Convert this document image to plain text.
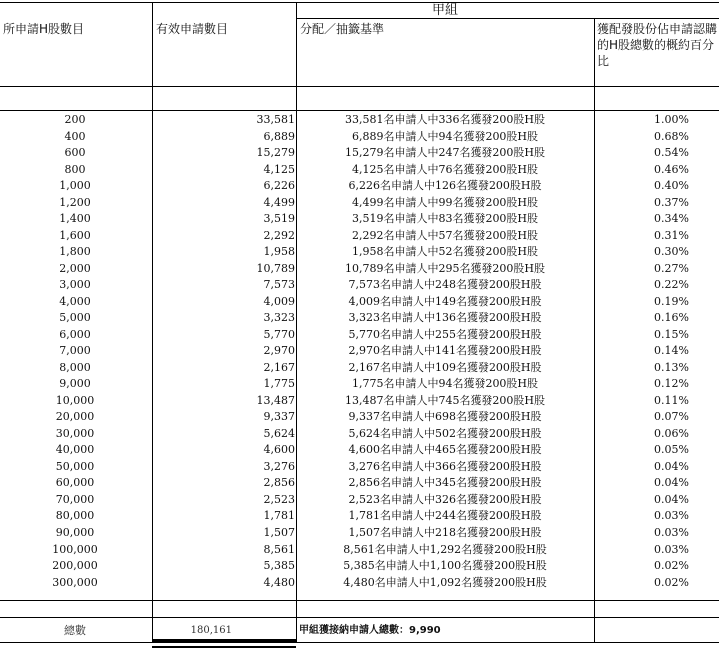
甲組
所申請H股數目	有效申請數目	分配／抽籤基準	獲配發股份佔申請認購的H股總數的概約百分比
200	33,581	33,581名申請人中336名獲發200股H股	1.00%
400	6,889	6,889名申請人中94名獲發200股H股	0.68%
600	15,279	15,279名申請人中247名獲發200股H股	0.54%
800	4,125	4,125名申請人中76名獲發200股H股	0.46%
1,000	6,226	6,226名申請人中126名獲發200股H股	0.40%
1,200	4,499	4,499名申請人中99名獲發200股H股	0.37%
1,400	3,519	3,519名申請人中83名獲發200股H股	0.34%
1,600	2,292	2,292名申請人中57名獲發200股H股	0.31%
1,800	1,958	1,958名申請人中52名獲發200股H股	0.30%
2,000	10,789	10,789名申請人中295名獲發200股H股	0.27%
3,000	7,573	7,573名申請人中248名獲發200股H股	0.22%
4,000	4,009	4,009名申請人中149名獲發200股H股	0.19%
5,000	3,323	3,323名申請人中136名獲發200股H股	0.16%
6,000	5,770	5,770名申請人中255名獲發200股H股	0.15%
7,000	2,970	2,970名申請人中141名獲發200股H股	0.14%
8,000	2,167	2,167名申請人中109名獲發200股H股	0.13%
9,000	1,775	1,775名申請人中94名獲發200股H股	0.12%
10,000	13,487	13,487名申請人中745名獲發200股H股	0.11%
20,000	9,337	9,337名申請人中698名獲發200股H股	0.07%
30,000	5,624	5,624名申請人中502名獲發200股H股	0.06%
40,000	4,600	4,600名申請人中465名獲發200股H股	0.05%
50,000	3,276	3,276名申請人中366名獲發200股H股	0.04%
60,000	2,856	2,856名申請人中345名獲發200股H股	0.04%
70,000	2,523	2,523名申請人中326名獲發200股H股	0.04%
80,000	1,781	1,781名申請人中244名獲發200股H股	0.03%
90,000	1,507	1,507名申請人中218名獲發200股H股	0.03%
100,000	8,561	8,561名申請人中1,292名獲發200股H股	0.03%
200,000	5,385	5,385名申請人中1,100名獲發200股H股	0.02%
300,000	4,480	4,480名申請人中1,092名獲發200股H股	0.02%
總數	180,161	甲組獲接納申請人總數：9,990
